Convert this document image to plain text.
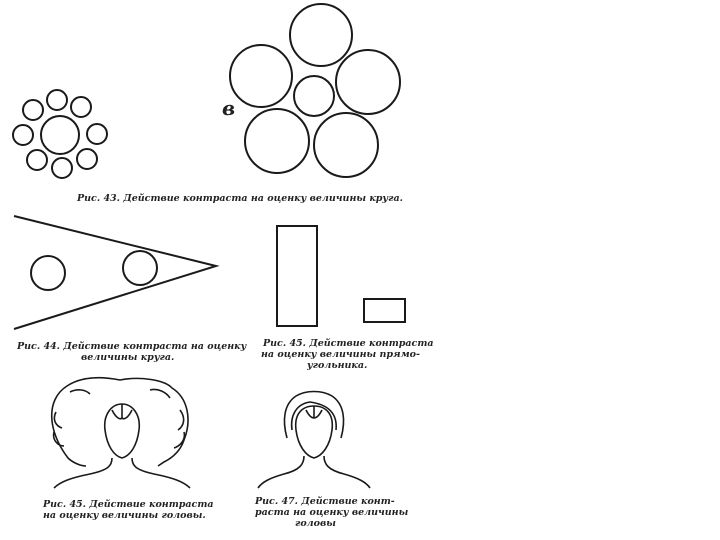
в
Рис. 43. Действие контраста на оценку величины круга.
Рис. 44. Действие контраста на оценку
величины круга.
Рис. 45. Действие контраста
на оценку величины прямо-
угольника.
Рис. 45. Действие контраста
на оценку величины головы.
Рис. 47. Действие конт-
раста на оценку величины
головы
